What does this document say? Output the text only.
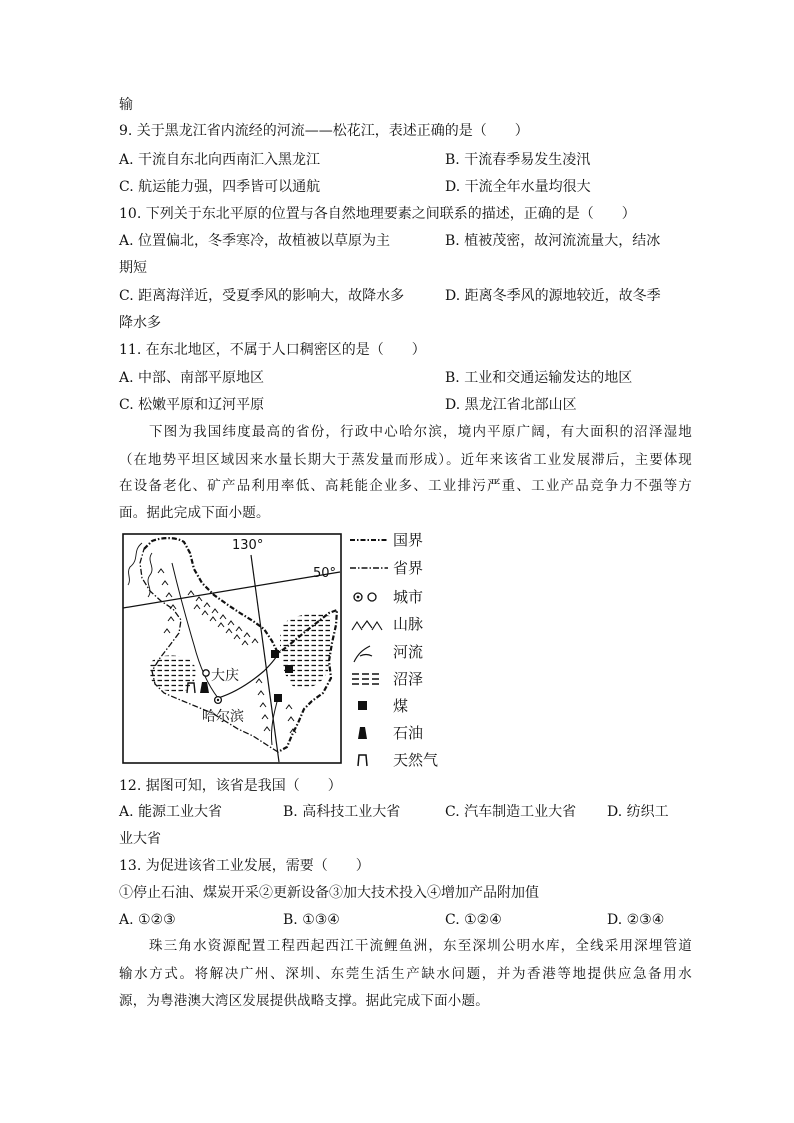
输
9. 关于黑龙江省内流经的河流——松花江，表述正确的是（　　）
A. 干流自东北向西南汇入黑龙江	B. 干流春季易发生凌汛
C. 航运能力强，四季皆可以通航	D. 干流全年水量均很大
10. 下列关于东北平原的位置与各自然地理要素之间联系的描述，正确的是（　　）
A. 位置偏北，冬季寒冷，故植被以草原为主	B. 植被茂密，故河流流量大，结冰
期短
C. 距离海洋近，受夏季风的影响大，故降水多	D. 距离冬季风的源地较近，故冬季
降水多
11. 在东北地区，不属于人口稠密区的是（　　）
A. 中部、南部平原地区	B. 工业和交通运输发达的地区
C. 松嫩平原和辽河平原	D. 黑龙江省北部山区
下图为我国纬度最高的省份，行政中心哈尔滨，境内平原广阔，有大面积的沼泽湿地
（在地势平坦区域因来水量长期大于蒸发量而形成）。近年来该省工业发展滞后，主要体现
在设备老化、矿产品利用率低、高耗能企业多、工业排污严重、工业产品竞争力不强等方
面。据此完成下面小题。
130°
50°
大庆
哈尔滨
国界
省界
城市
山脉
河流
沼泽
煤
石油
天然气
12. 据图可知，该省是我国（　　）
A. 能源工业大省	B. 高科技工业大省	C. 汽车制造工业大省 D. 纺织工
业大省
13. 为促进该省工业发展，需要（　　）
①停止石油、煤炭开采②更新设备③加大技术投入④增加产品附加值
A. ①②③	B. ①③④	C. ①②④	D. ②③④
珠三角水资源配置工程西起西江干流鲤鱼洲，东至深圳公明水库，全线采用深埋管道
输水方式。将解决广州、深圳、东莞生活生产缺水问题，并为香港等地提供应急备用水
源，为粤港澳大湾区发展提供战略支撑。据此完成下面小题。
